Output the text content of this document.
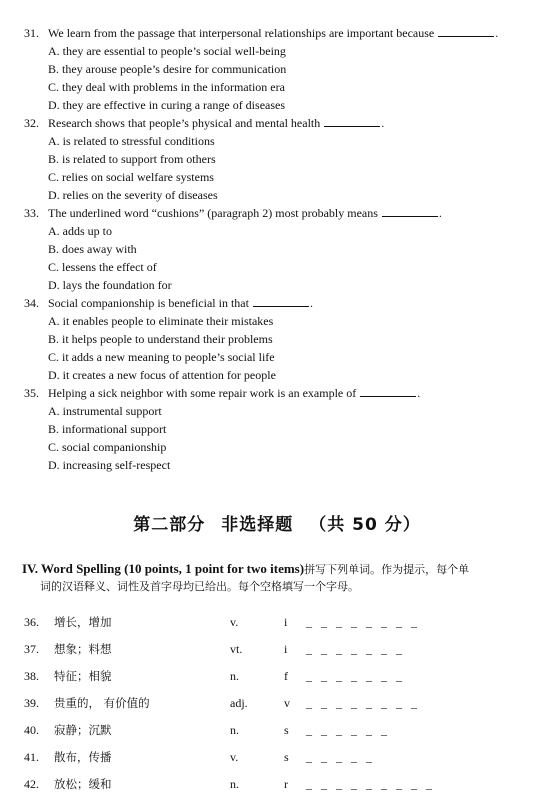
31. We learn from the passage that interpersonal relationships are important because	.
A. they are essential to people’s social well-being
B. they arouse people’s desire for communication
C. they deal with problems in the information era
D. they are effective in curing a range of diseases
32. Research shows that people’s physical and mental health	.
A. is related to stressful conditions
B. is related to support from others
C. relies on social welfare systems
D. relies on the severity of diseases
33. The underlined word “cushions” (paragraph 2) most probably means	.
A. adds up to
B. does away with
C. lessens the effect of
D. lays the foundation for
34. Social companionship is beneficial in that	.
A. it enables people to eliminate their mistakes
B. it helps people to understand their problems
C. it adds a new meaning to people’s social life
D. it creates a new focus of attention for people
35. Helping a sick neighbor with some repair work is an example of	.
A. instrumental support
B. informational support
C. social companionship
D. increasing self-respect
第二部分 非选择题 （共 50 分）
IV. Word Spelling (10 points, 1 point for two items)拼写下列单词。作为提示，每个单
词的汉语释义、词性及首字母均已给出。每个空格填写一个字母。
36. 增长，增加	v.	i _ _ _ _ _ _ _ _
37. 想象；料想	vt.	i _ _ _ _ _ _ _
38. 特征；相貌	n.	f _ _ _ _ _ _ _
39. 贵重的， 有价值的	adj.	v _ _ _ _ _ _ _ _
40. 寂静；沉默	n.	s _ _ _ _ _ _
41. 散布，传播	v.	s _ _ _ _ _
42. 放松；缓和	n.	r _ _ _ _ _ _ _ _ _
